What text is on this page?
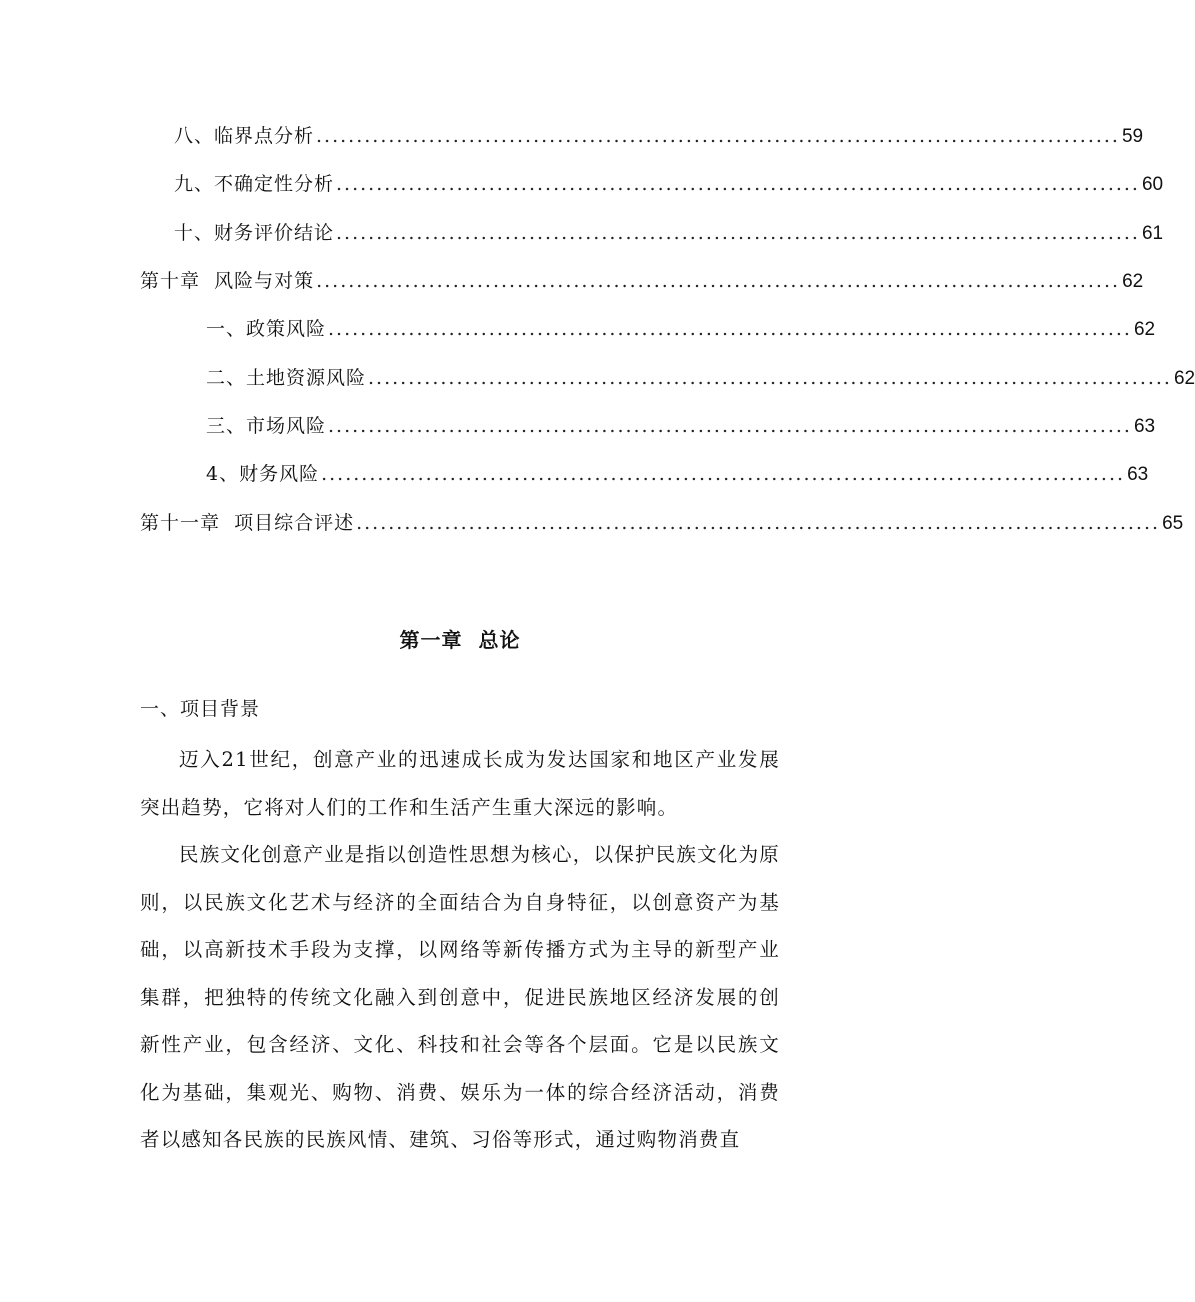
八、临界点分析 .................................................................................................... 59
九、不确定性分析 .................................................................................................... 60
十、财务评价结论 .................................................................................................... 61
第十章  风险与对策 .................................................................................................... 62
一、政策风险 .................................................................................................... 62
二、土地资源风险 .................................................................................................... 62
三、市场风险 .................................................................................................... 63
4、财务风险 .................................................................................................... 63
第十一章  项目综合评述 .................................................................................................... 65
第一章  总论
一、项目背景

迈入21世纪，创意产业的迅速成长成为发达国家和地区产业发展突出趋势，它将对人们的工作和生活产生重大深远的影响。

民族文化创意产业是指以创造性思想为核心，以保护民族文化为原则，以民族文化艺术与经济的全面结合为自身特征，以创意资产为基础，以高新技术手段为支撑，以网络等新传播方式为主导的新型产业集群，把独特的传统文化融入到创意中，促进民族地区经济发展的创新性产业，包含经济、文化、科技和社会等各个层面。它是以民族文化为基础，集观光、购物、消费、娱乐为一体的综合经济活动，消费者以感知各民族的民族风情、建筑、习俗等形式，通过购物消费直
